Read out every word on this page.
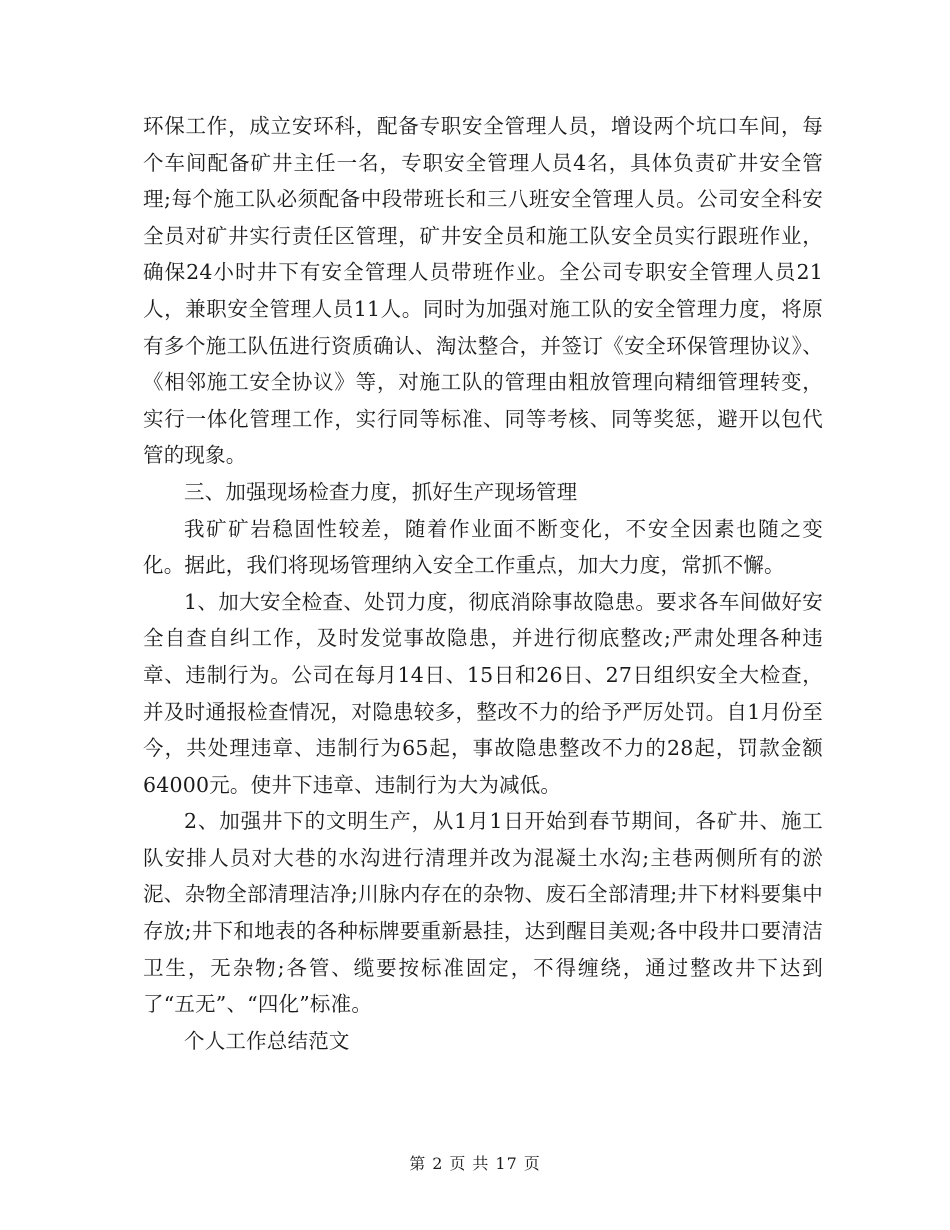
环保工作，成立安环科，配备专职安全管理人员，增设两个坑口车间，每个车间配备矿井主任一名，专职安全管理人员4名，具体负责矿井安全管理;每个施工队必须配备中段带班长和三八班安全管理人员。公司安全科安全员对矿井实行责任区管理，矿井安全员和施工队安全员实行跟班作业，确保24小时井下有安全管理人员带班作业。全公司专职安全管理人员21人，兼职安全管理人员11人。同时为加强对施工队的安全管理力度，将原有多个施工队伍进行资质确认、淘汰整合，并签订《安全环保管理协议》、《相邻施工安全协议》等，对施工队的管理由粗放管理向精细管理转变，实行一体化管理工作，实行同等标准、同等考核、同等奖惩，避开以包代管的现象。

三、加强现场检查力度，抓好生产现场管理

我矿矿岩稳固性较差，随着作业面不断变化，不安全因素也随之变化。据此，我们将现场管理纳入安全工作重点，加大力度，常抓不懈。

1、加大安全检查、处罚力度，彻底消除事故隐患。要求各车间做好安全自查自纠工作，及时发觉事故隐患，并进行彻底整改;严肃处理各种违章、违制行为。公司在每月14日、15日和26日、27日组织安全大检查，并及时通报检查情况，对隐患较多，整改不力的给予严厉处罚。自1月份至今，共处理违章、违制行为65起，事故隐患整改不力的28起，罚款金额64000元。使井下违章、违制行为大为减低。

2、加强井下的文明生产，从1月1日开始到春节期间，各矿井、施工队安排人员对大巷的水沟进行清理并改为混凝土水沟;主巷两侧所有的淤泥、杂物全部清理洁净;川脉内存在的杂物、废石全部清理;井下材料要集中存放;井下和地表的各种标牌要重新悬挂，达到醒目美观;各中段井口要清洁卫生，无杂物;各管、缆要按标准固定，不得缠绕，通过整改井下达到了“五无”、“四化”标准。

个人工作总结范文

第 2 页 共 17 页
